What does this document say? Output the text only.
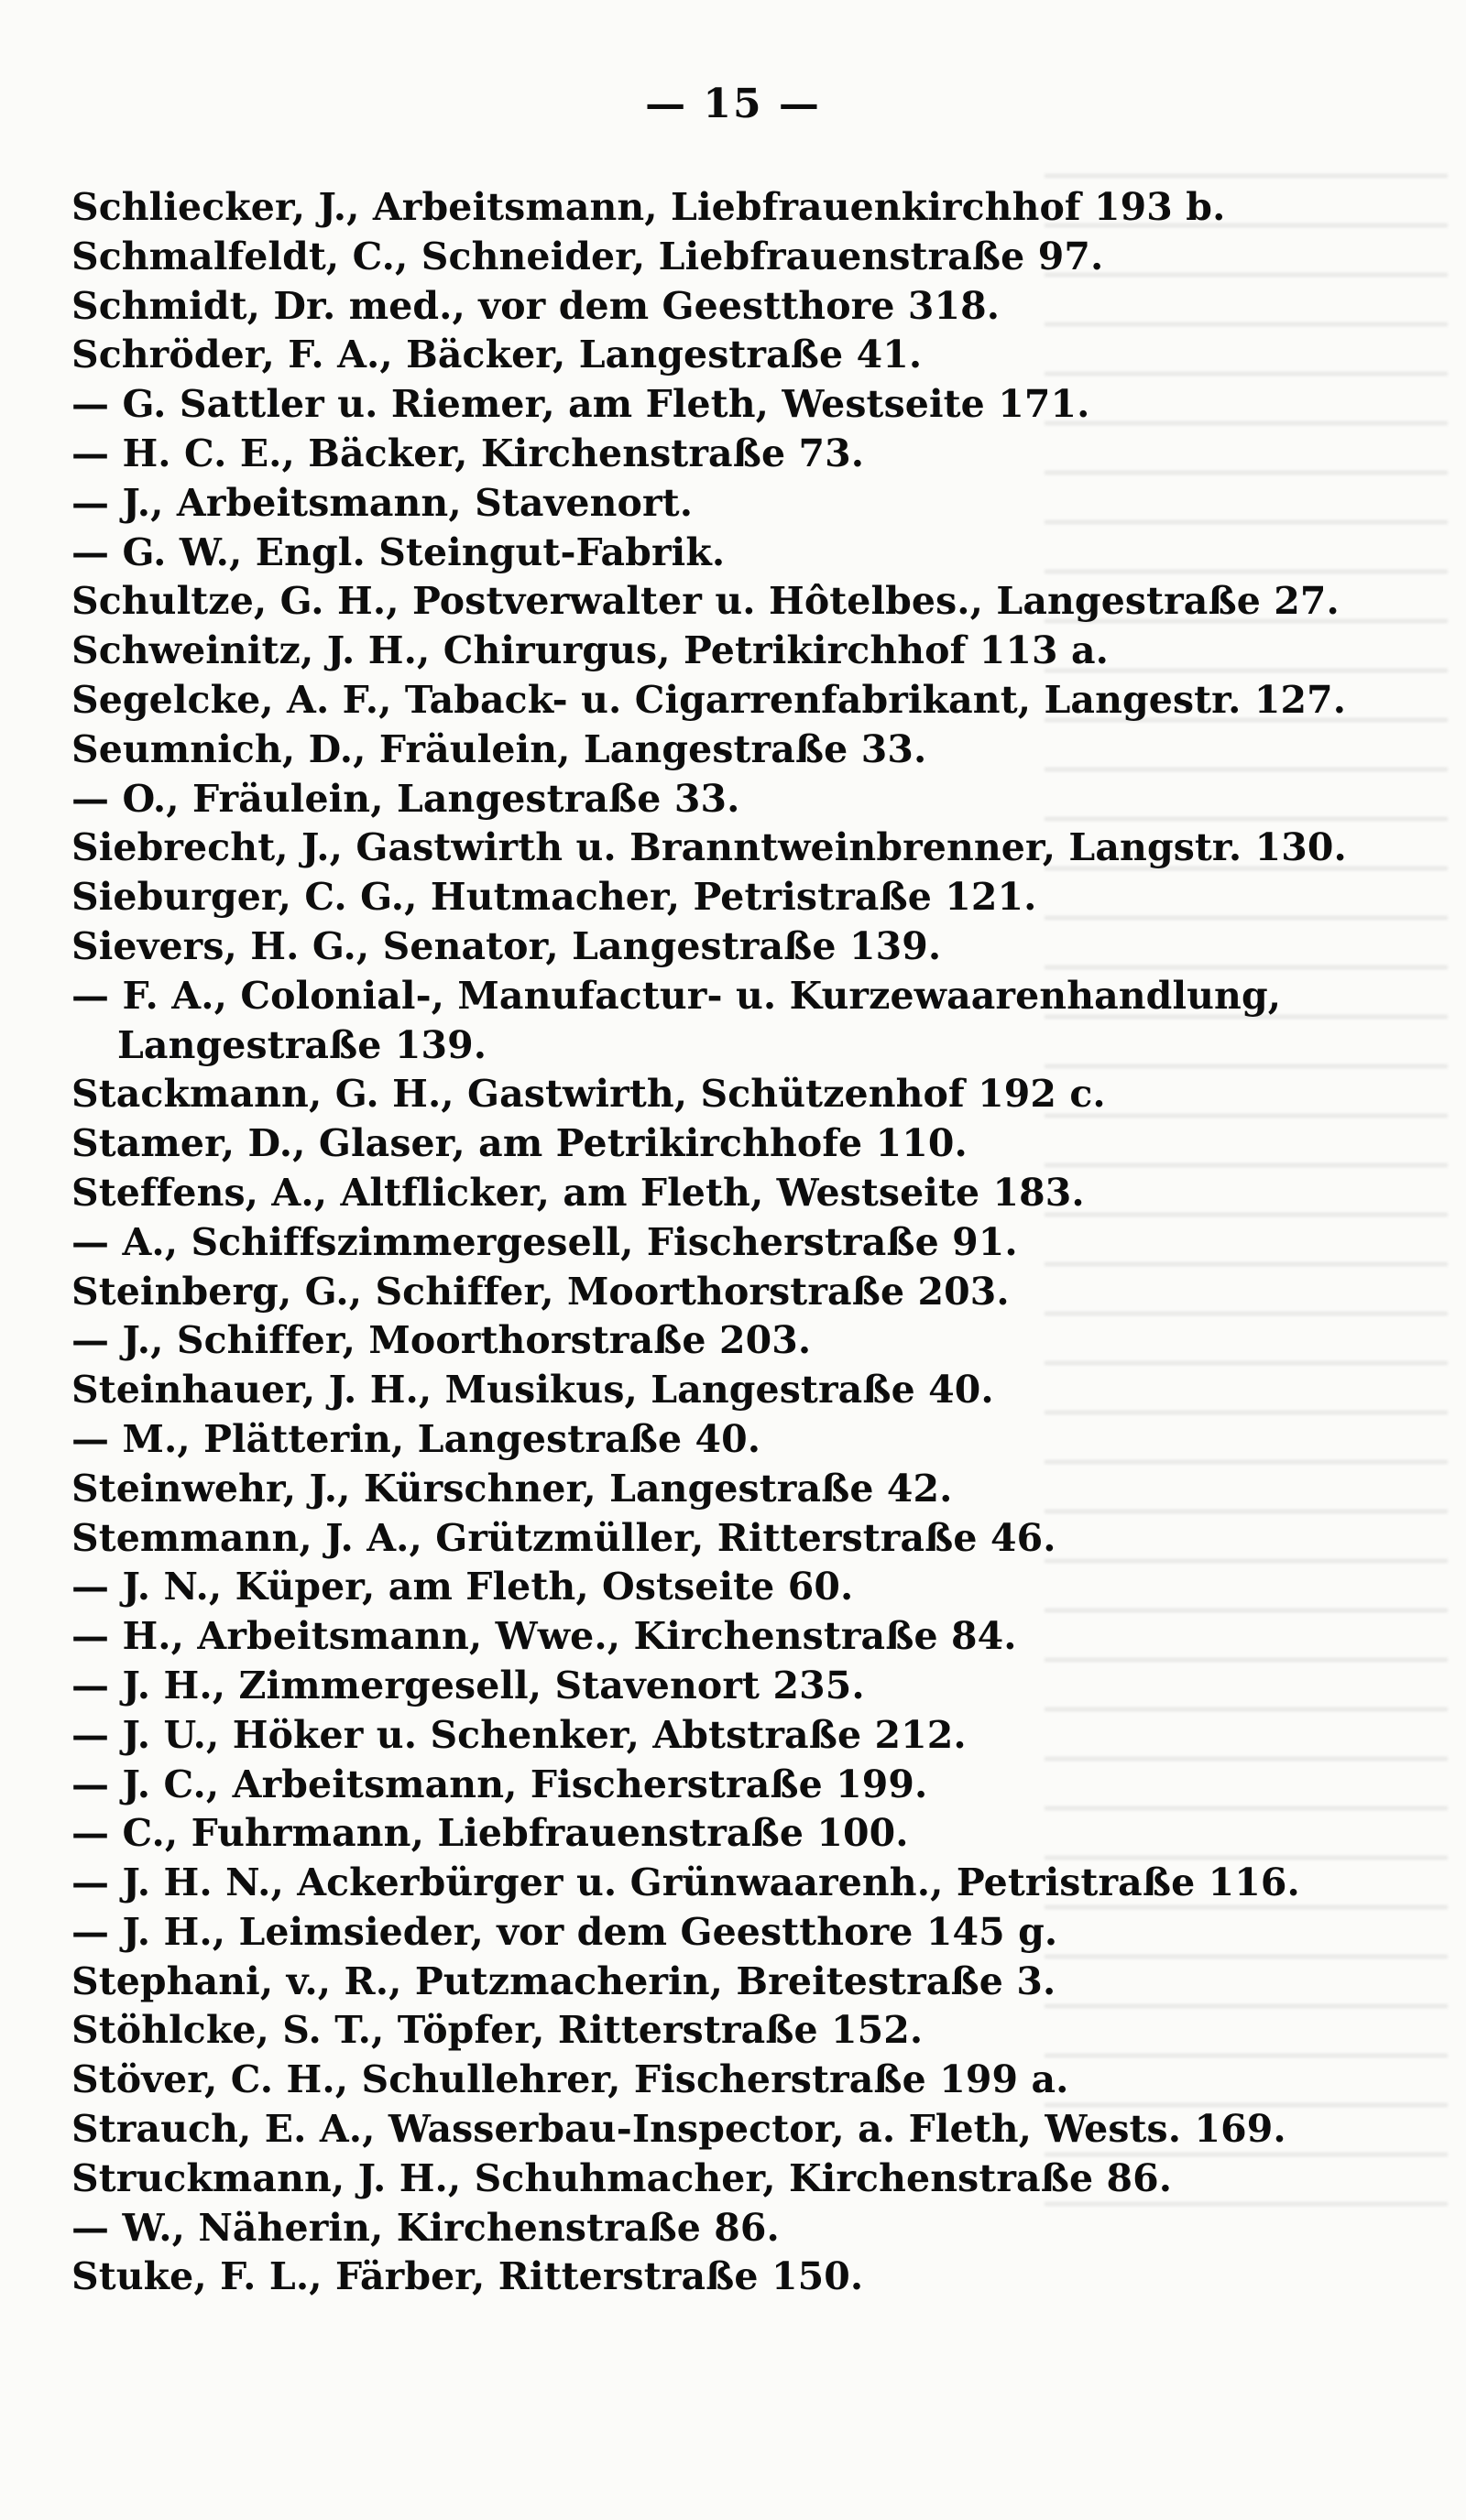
— 15 —
Schliecker, J., Arbeitsmann, Liebfrauenkirchhof 193 b.
Schmalfeldt, C., Schneider, Liebfrauenstraße 97.
Schmidt, Dr. med., vor dem Geestthore 318.
Schröder, F. A., Bäcker, Langestraße 41.
— G. Sattler u. Riemer, am Fleth, Westseite 171.
— H. C. E., Bäcker, Kirchenstraße 73.
— J., Arbeitsmann, Stavenort.
— G. W., Engl. Steingut-Fabrik.
Schultze, G. H., Postverwalter u. Hôtelbes., Langestraße 27.
Schweinitz, J. H., Chirurgus, Petrikirchhof 113 a.
Segelcke, A. F., Taback- u. Cigarrenfabrikant, Langestr. 127.
Seumnich, D., Fräulein, Langestraße 33.
— O., Fräulein, Langestraße 33.
Siebrecht, J., Gastwirth u. Branntweinbrenner, Langstr. 130.
Sieburger, C. G., Hutmacher, Petristraße 121.
Sievers, H. G., Senator, Langestraße 139.
— F. A., Colonial-, Manufactur- u. Kurzewaarenhandlung,
Langestraße 139.
Stackmann, G. H., Gastwirth, Schützenhof 192 c.
Stamer, D., Glaser, am Petrikirchhofe 110.
Steffens, A., Altflicker, am Fleth, Westseite 183.
— A., Schiffszimmergesell, Fischerstraße 91.
Steinberg, G., Schiffer, Moorthorstraße 203.
— J., Schiffer, Moorthorstraße 203.
Steinhauer, J. H., Musikus, Langestraße 40.
— M., Plätterin, Langestraße 40.
Steinwehr, J., Kürschner, Langestraße 42.
Stemmann, J. A., Grützmüller, Ritterstraße 46.
— J. N., Küper, am Fleth, Ostseite 60.
— H., Arbeitsmann, Wwe., Kirchenstraße 84.
— J. H., Zimmergesell, Stavenort 235.
— J. U., Höker u. Schenker, Abtstraße 212.
— J. C., Arbeitsmann, Fischerstraße 199.
— C., Fuhrmann, Liebfrauenstraße 100.
— J. H. N., Ackerbürger u. Grünwaarenh., Petristraße 116.
— J. H., Leimsieder, vor dem Geestthore 145 g.
Stephani, v., R., Putzmacherin, Breitestraße 3.
Stöhlcke, S. T., Töpfer, Ritterstraße 152.
Stöver, C. H., Schullehrer, Fischerstraße 199 a.
Strauch, E. A., Wasserbau-Inspector, a. Fleth, Wests. 169.
Struckmann, J. H., Schuhmacher, Kirchenstraße 86.
— W., Näherin, Kirchenstraße 86.
Stuke, F. L., Färber, Ritterstraße 150.
